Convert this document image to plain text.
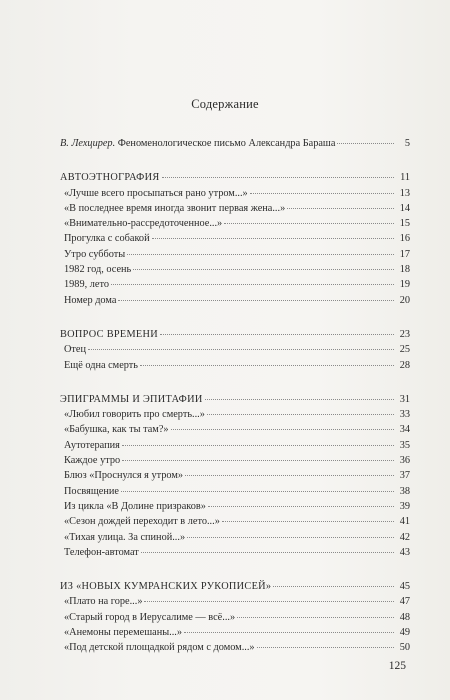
Содержание
В. Лехцирер. Феноменологическое письмо Александра Бараша	5
АВТОЭТНОГРАФИЯ	11
«Лучше всего просыпаться рано утром...»	13
«В последнее время иногда звонит первая жена...»	14
«Внимательно-рассредоточенное...»	15
Прогулка с собакой	16
Утро субботы	17
1982 год, осень	18
1989, лето	19
Номер дома	20
ВОПРОС ВРЕМЕНИ	23
Отец	25
Ещё одна смерть	28
ЭПИГРАММЫ И ЭПИТАФИИ	31
«Любил говорить про смерть...»	33
«Бабушка, как ты там?»	34
Аутотерапия	35
Каждое утро	36
Блюз «Проснулся я утром»	37
Посвящение	38
Из цикла «В Долине призраков»	39
«Сезон дождей переходит в лето...»	41
«Тихая улица. За спиной...»	42
Телефон-автомат	43
ИЗ «НОВЫХ КУМРАНСКИХ РУКОПИСЕЙ»	45
«Плато на горе...»	47
«Старый город в Иерусалиме — всё...»	48
«Анемоны перемешаны...»	49
«Под детской площадкой рядом с домом...»	50
125
